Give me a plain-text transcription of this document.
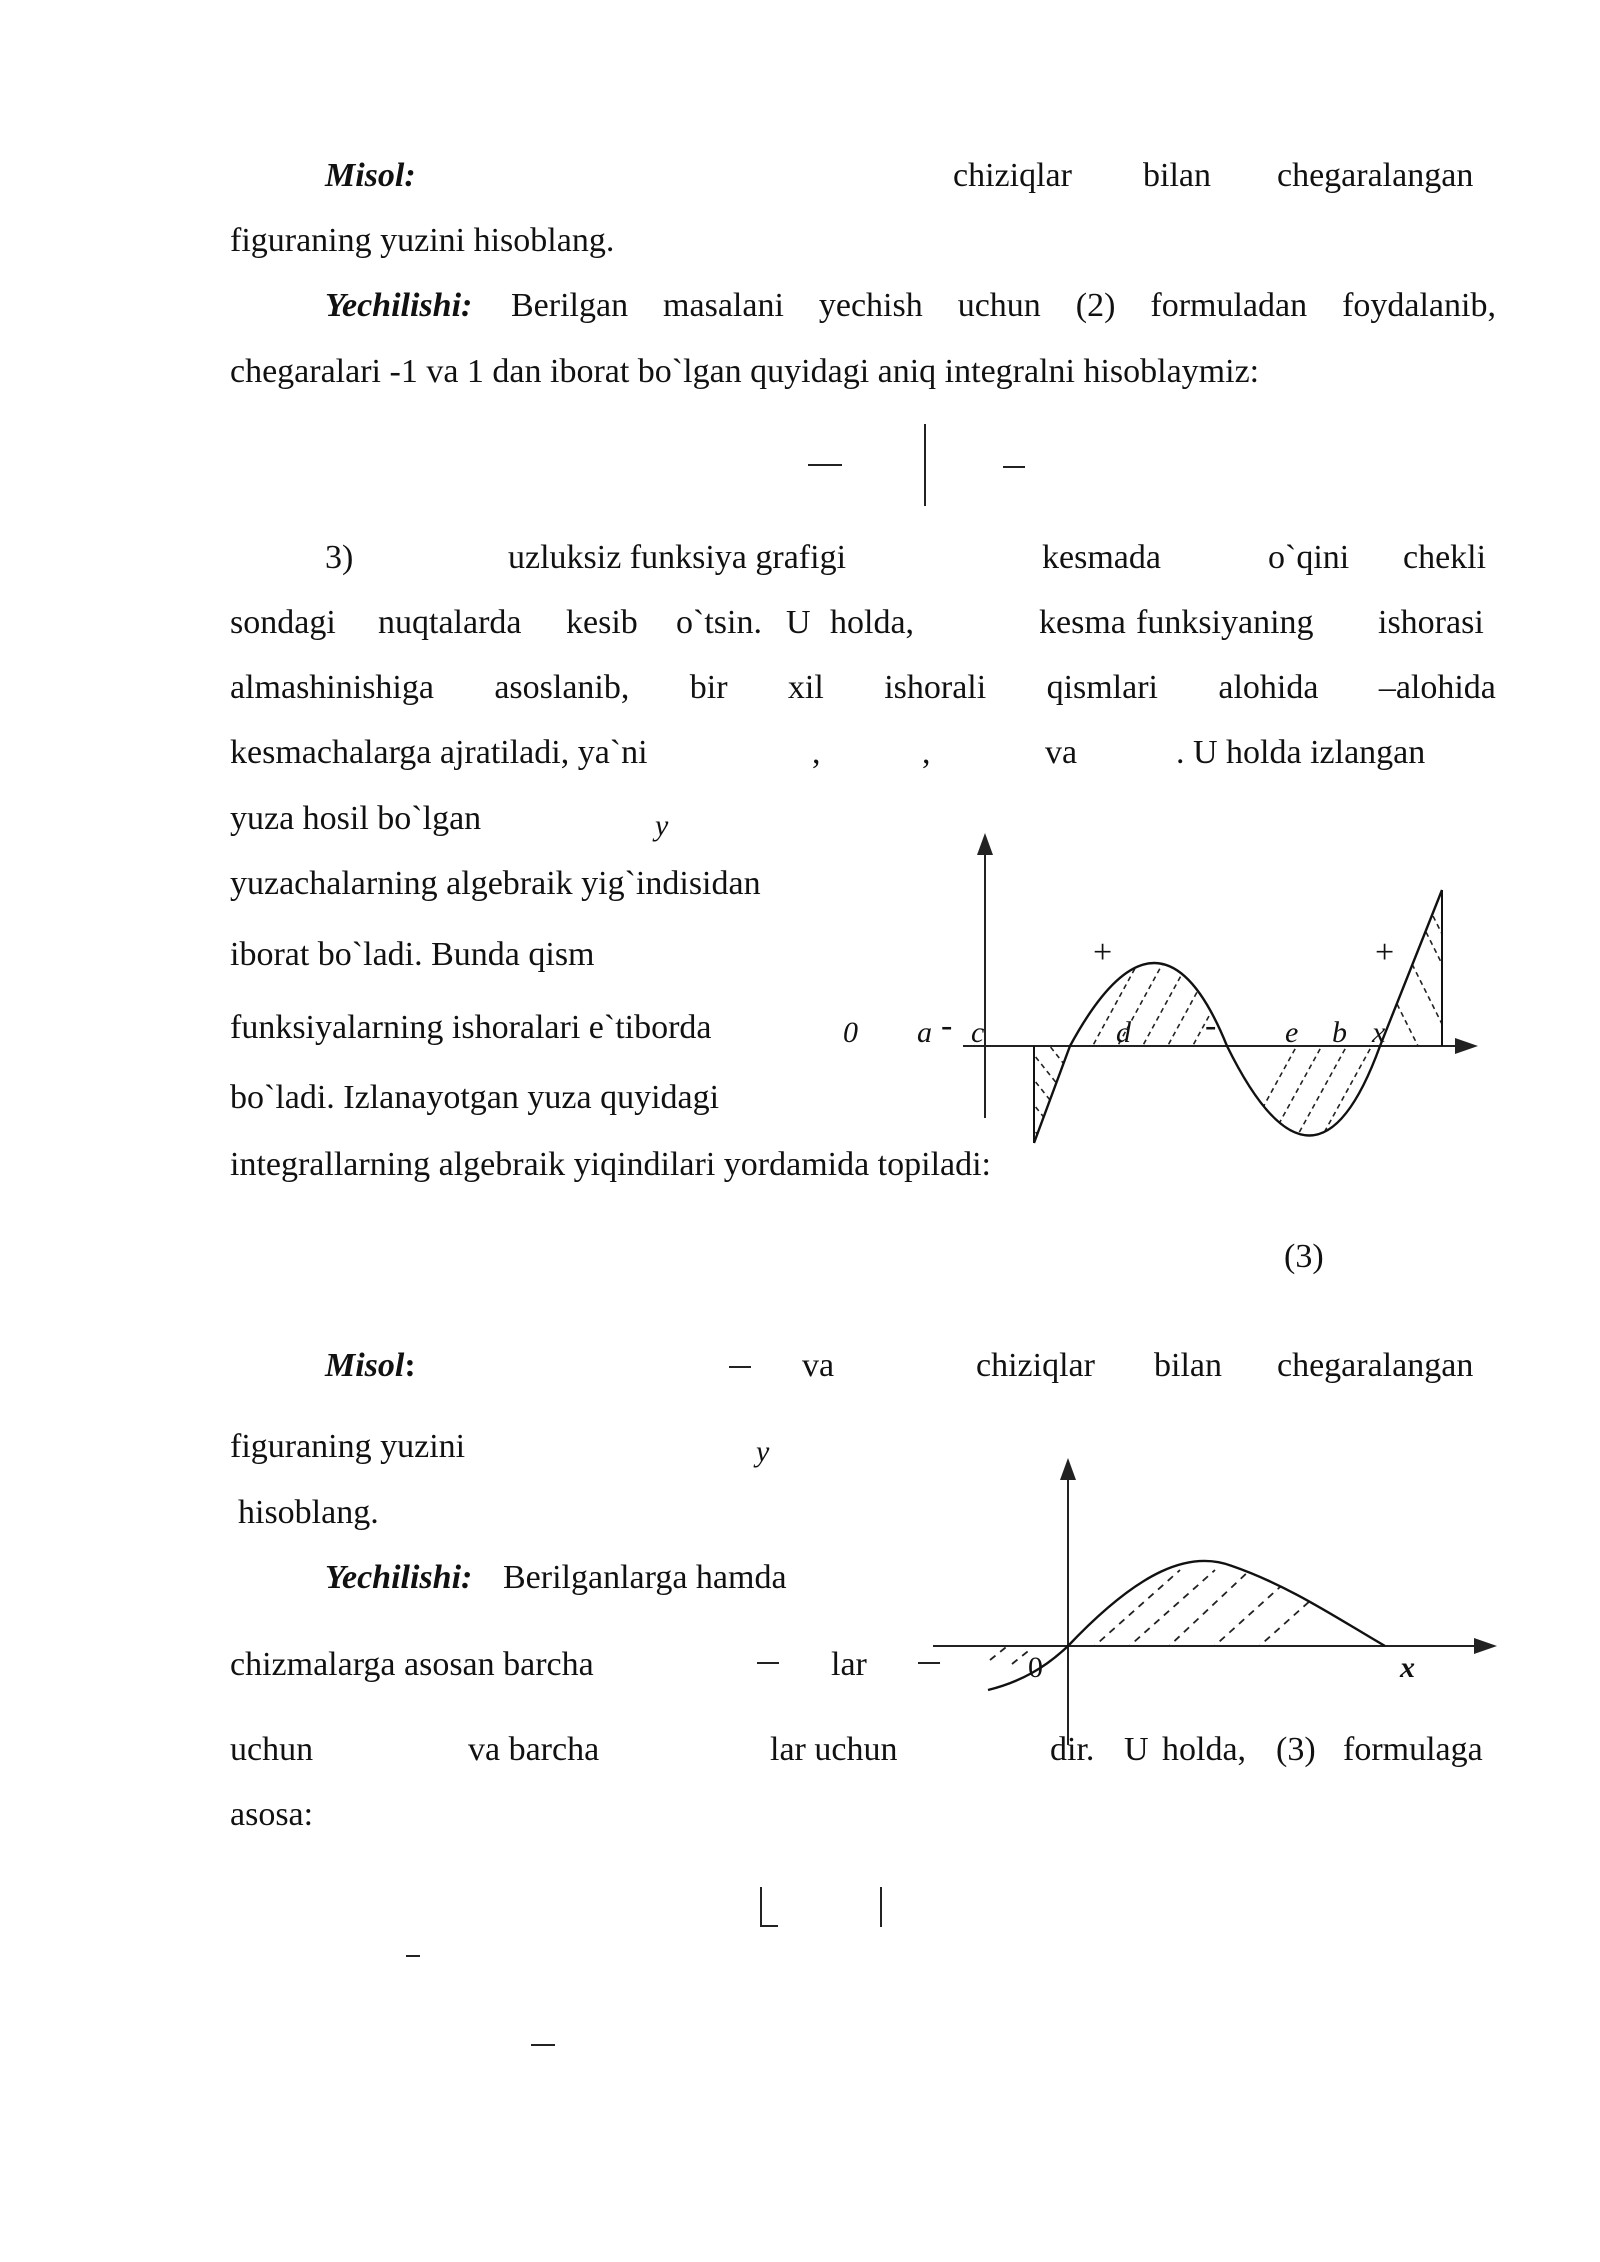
Misol:	chiziqlar bilan chegaralangan
figuraning yuzini hisoblang.
Yechilishi: Berilgan masalani yechish uchun (2) formuladan foydalanib,
chegaralari -1 va 1 dan iborat bo`lgan quyidagi aniq integralni hisoblaymiz:
3)	uzluksiz funksiya grafigi	kesmada	o`qini chekli
sondagi nuqtalarda kesib o`tsin. U holda,	kesma funksiyaning ishorasi
almashinishiga asoslanib, bir xil ishorali qismlari alohida –alohida
kesmachalarga ajratiladi, ya`ni	,	,	va	. U holda izlangan
yuza hosil bo`lgan
yuzachalarning algebraik yig`indisidan
iborat bo`ladi. Bunda qism
funksiyalarning ishoralari e`tiborda
bo`ladi. Izlanayotgan yuza quyidagi
integrallarning algebraik yiqindilari yordamida topiladi:
(3)
y
0 a - c	d - e b x
+	+
Misol:	va	chiziqlar bilan chegaralangan
figuraning yuzini
hisoblang.
Yechilishi: Berilganlarga hamda
chizmalarga asosan barcha	lar
uchun	va barcha	lar uchun	dir. U holda, (3) formulaga
asosa:
y
0	x
